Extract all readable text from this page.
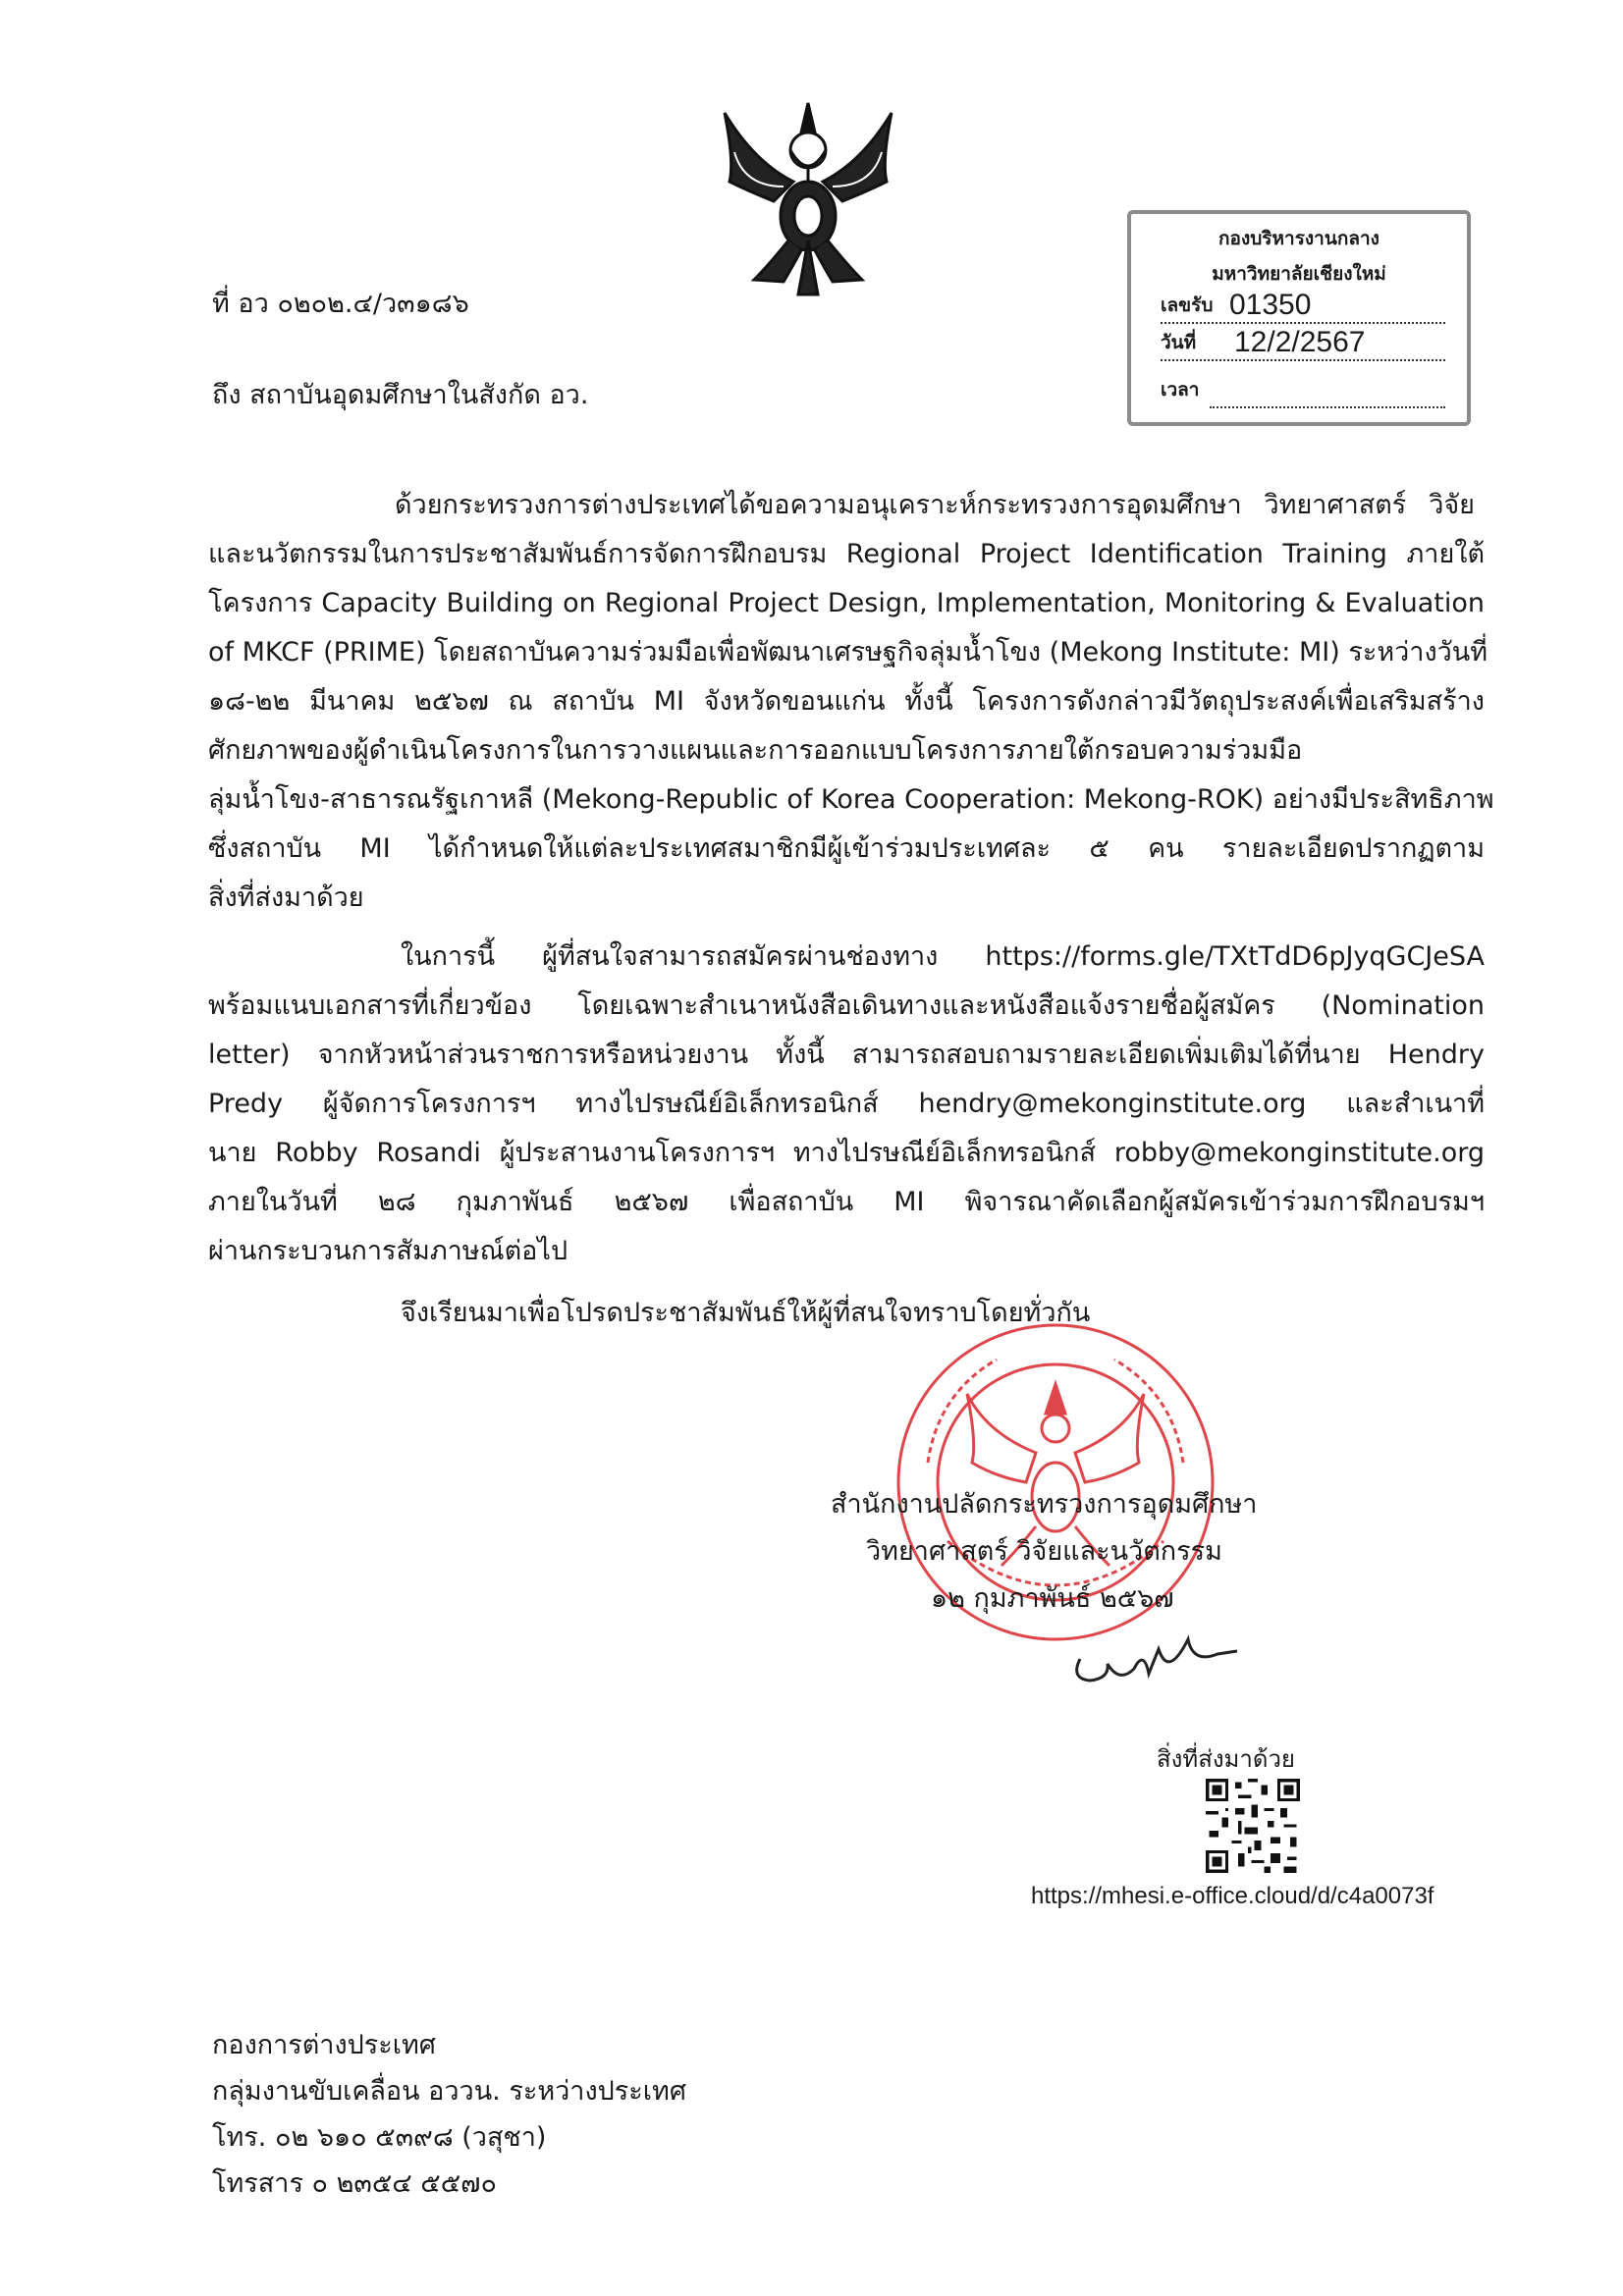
กองบริหารงานกลาง
มหาวิทยาลัยเชียงใหม่
เลขรับ 01350
วันที่ 12/2/2567
เวลา
ที่ อว ๐๒๐๒.๔/ว๓๑๘๖
ถึง สถาบันอุดมศึกษาในสังกัด อว.
ด้วยกระทรวงการต่างประเทศได้ขอความอนุเคราะห์กระทรวงการอุดมศึกษา วิทยาศาสตร์ วิจัย
และนวัตกรรมในการประชาสัมพันธ์การจัดการฝึกอบรม Regional Project Identification Training ภายใต้
โครงการ Capacity Building on Regional Project Design, Implementation, Monitoring & Evaluation
of MKCF (PRIME) โดยสถาบันความร่วมมือเพื่อพัฒนาเศรษฐกิจลุ่มน้ำโขง (Mekong Institute: MI) ระหว่างวันที่
๑๘-๒๒ มีนาคม ๒๕๖๗ ณ สถาบัน MI จังหวัดขอนแก่น ทั้งนี้ โครงการดังกล่าวมีวัตถุประสงค์เพื่อเสริมสร้าง
ศักยภาพของผู้ดำเนินโครงการในการวางแผนและการออกแบบโครงการภายใต้กรอบความร่วมมือ
ลุ่มน้ำโขง-สาธารณรัฐเกาหลี (Mekong-Republic of Korea Cooperation: Mekong-ROK) อย่างมีประสิทธิภาพ
ซึ่งสถาบัน MI ได้กำหนดให้แต่ละประเทศสมาชิกมีผู้เข้าร่วมประเทศละ ๕ คน รายละเอียดปรากฏตาม
สิ่งที่ส่งมาด้วย
ในการนี้ ผู้ที่สนใจสามารถสมัครผ่านช่องทาง https://forms.gle/TXtTdD6pJyqGCJeSA
พร้อมแนบเอกสารที่เกี่ยวข้อง โดยเฉพาะสำเนาหนังสือเดินทางและหนังสือแจ้งรายชื่อผู้สมัคร (Nomination
letter) จากหัวหน้าส่วนราชการหรือหน่วยงาน ทั้งนี้ สามารถสอบถามรายละเอียดเพิ่มเติมได้ที่นาย Hendry
Predy ผู้จัดการโครงการฯ ทางไปรษณีย์อิเล็กทรอนิกส์ hendry@mekonginstitute.org และสำเนาที่
นาย Robby Rosandi ผู้ประสานงานโครงการฯ ทางไปรษณีย์อิเล็กทรอนิกส์ robby@mekonginstitute.org
ภายในวันที่ ๒๘ กุมภาพันธ์ ๒๕๖๗ เพื่อสถาบัน MI พิจารณาคัดเลือกผู้สมัครเข้าร่วมการฝึกอบรมฯ
ผ่านกระบวนการสัมภาษณ์ต่อไป
จึงเรียนมาเพื่อโปรดประชาสัมพันธ์ให้ผู้ที่สนใจทราบโดยทั่วกัน
สำนักงานปลัดกระทรวงการอุดมศึกษา
วิทยาศาสตร์ วิจัยและนวัตกรรม
๑๒ กุมภาพันธ์ ๒๕๖๗
สิ่งที่ส่งมาด้วย
https://mhesi.e-office.cloud/d/c4a0073f
กองการต่างประเทศ
กลุ่มงานขับเคลื่อน อววน. ระหว่างประเทศ
โทร. ๐๒ ๖๑๐ ๕๓๙๘ (วสุชา)
โทรสาร ๐ ๒๓๕๔ ๕๕๗๐
